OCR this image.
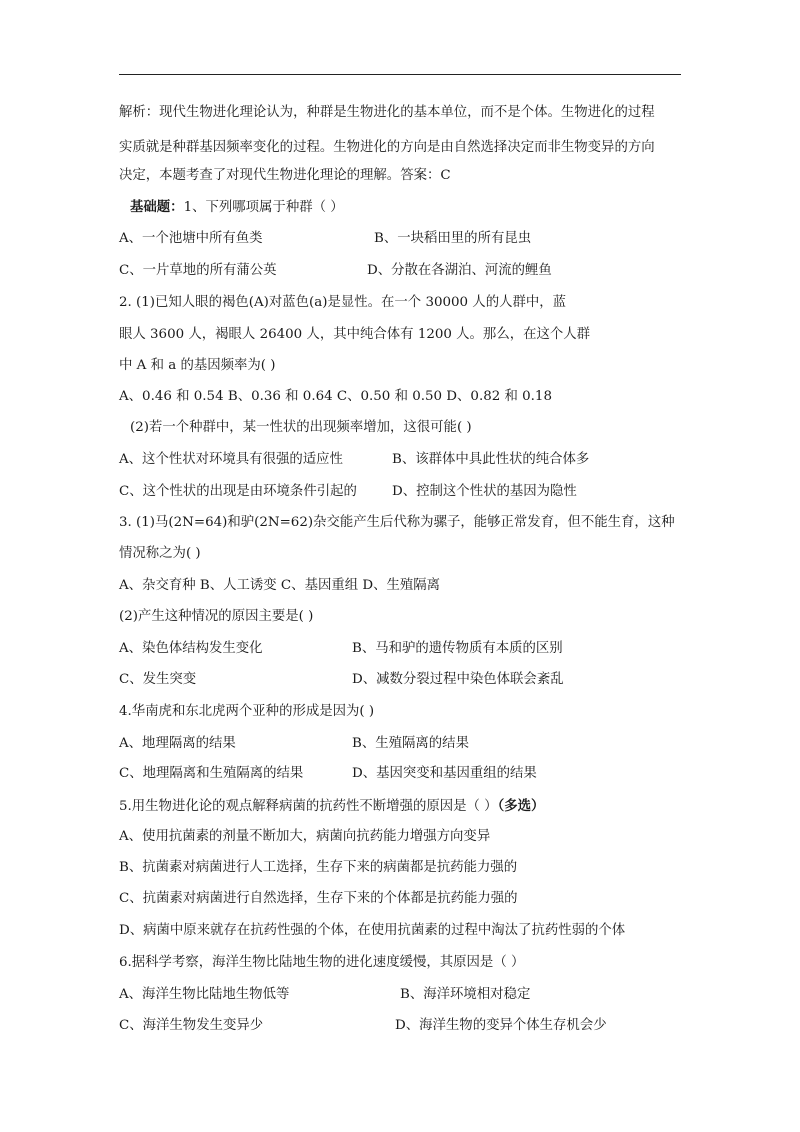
解析：现代生物进化理论认为，种群是生物进化的基本单位，而不是个体。生物进化的过程
实质就是种群基因频率变化的过程。生物进化的方向是由自然选择决定而非生物变异的方向
决定，本题考查了对现代生物进化理论的理解。答案：C
基础题：1、下列哪项属于种群（ ）
A、一个池塘中所有鱼类	B、一块稻田里的所有昆虫
C、一片草地的所有蒲公英	D、分散在各湖泊、河流的鲤鱼
2. (1)已知人眼的褐色(A)对蓝色(a)是显性。在一个 30000 人的人群中，蓝
眼人 3600 人，褐眼人 26400 人，其中纯合体有 1200 人。那么，在这个人群
中 A 和 a 的基因频率为( )
A、0.46 和 0.54 B、0.36 和 0.64 C、0.50 和 0.50 D、0.82 和 0.18
(2)若一个种群中，某一性状的出现频率增加，这很可能( )
A、这个性状对环境具有很强的适应性	B、该群体中具此性状的纯合体多
C、这个性状的出现是由环境条件引起的	D、控制这个性状的基因为隐性
3. (1)马(2N=64)和驴(2N=62)杂交能产生后代称为骡子，能够正常发育，但不能生育，这种
情况称之为( )
A、杂交育种 B、人工诱变 C、基因重组 D、生殖隔离
(2)产生这种情况的原因主要是( )
A、染色体结构发生变化	B、马和驴的遗传物质有本质的区别
C、发生突变	D、减数分裂过程中染色体联会紊乱
4.华南虎和东北虎两个亚种的形成是因为( )
A、地理隔离的结果	B、生殖隔离的结果
C、地理隔离和生殖隔离的结果	D、基因突变和基因重组的结果
5.用生物进化论的观点解释病菌的抗药性不断增强的原因是（ ）（多选）
A、使用抗菌素的剂量不断加大，病菌向抗药能力增强方向变异
B、抗菌素对病菌进行人工选择，生存下来的病菌都是抗药能力强的
C、抗菌素对病菌进行自然选择，生存下来的个体都是抗药能力强的
D、病菌中原来就存在抗药性强的个体，在使用抗菌素的过程中淘汰了抗药性弱的个体
6.据科学考察，海洋生物比陆地生物的进化速度缓慢，其原因是（ ）
A、海洋生物比陆地生物低等	B、海洋环境相对稳定
C、海洋生物发生变异少	D、海洋生物的变异个体生存机会少
